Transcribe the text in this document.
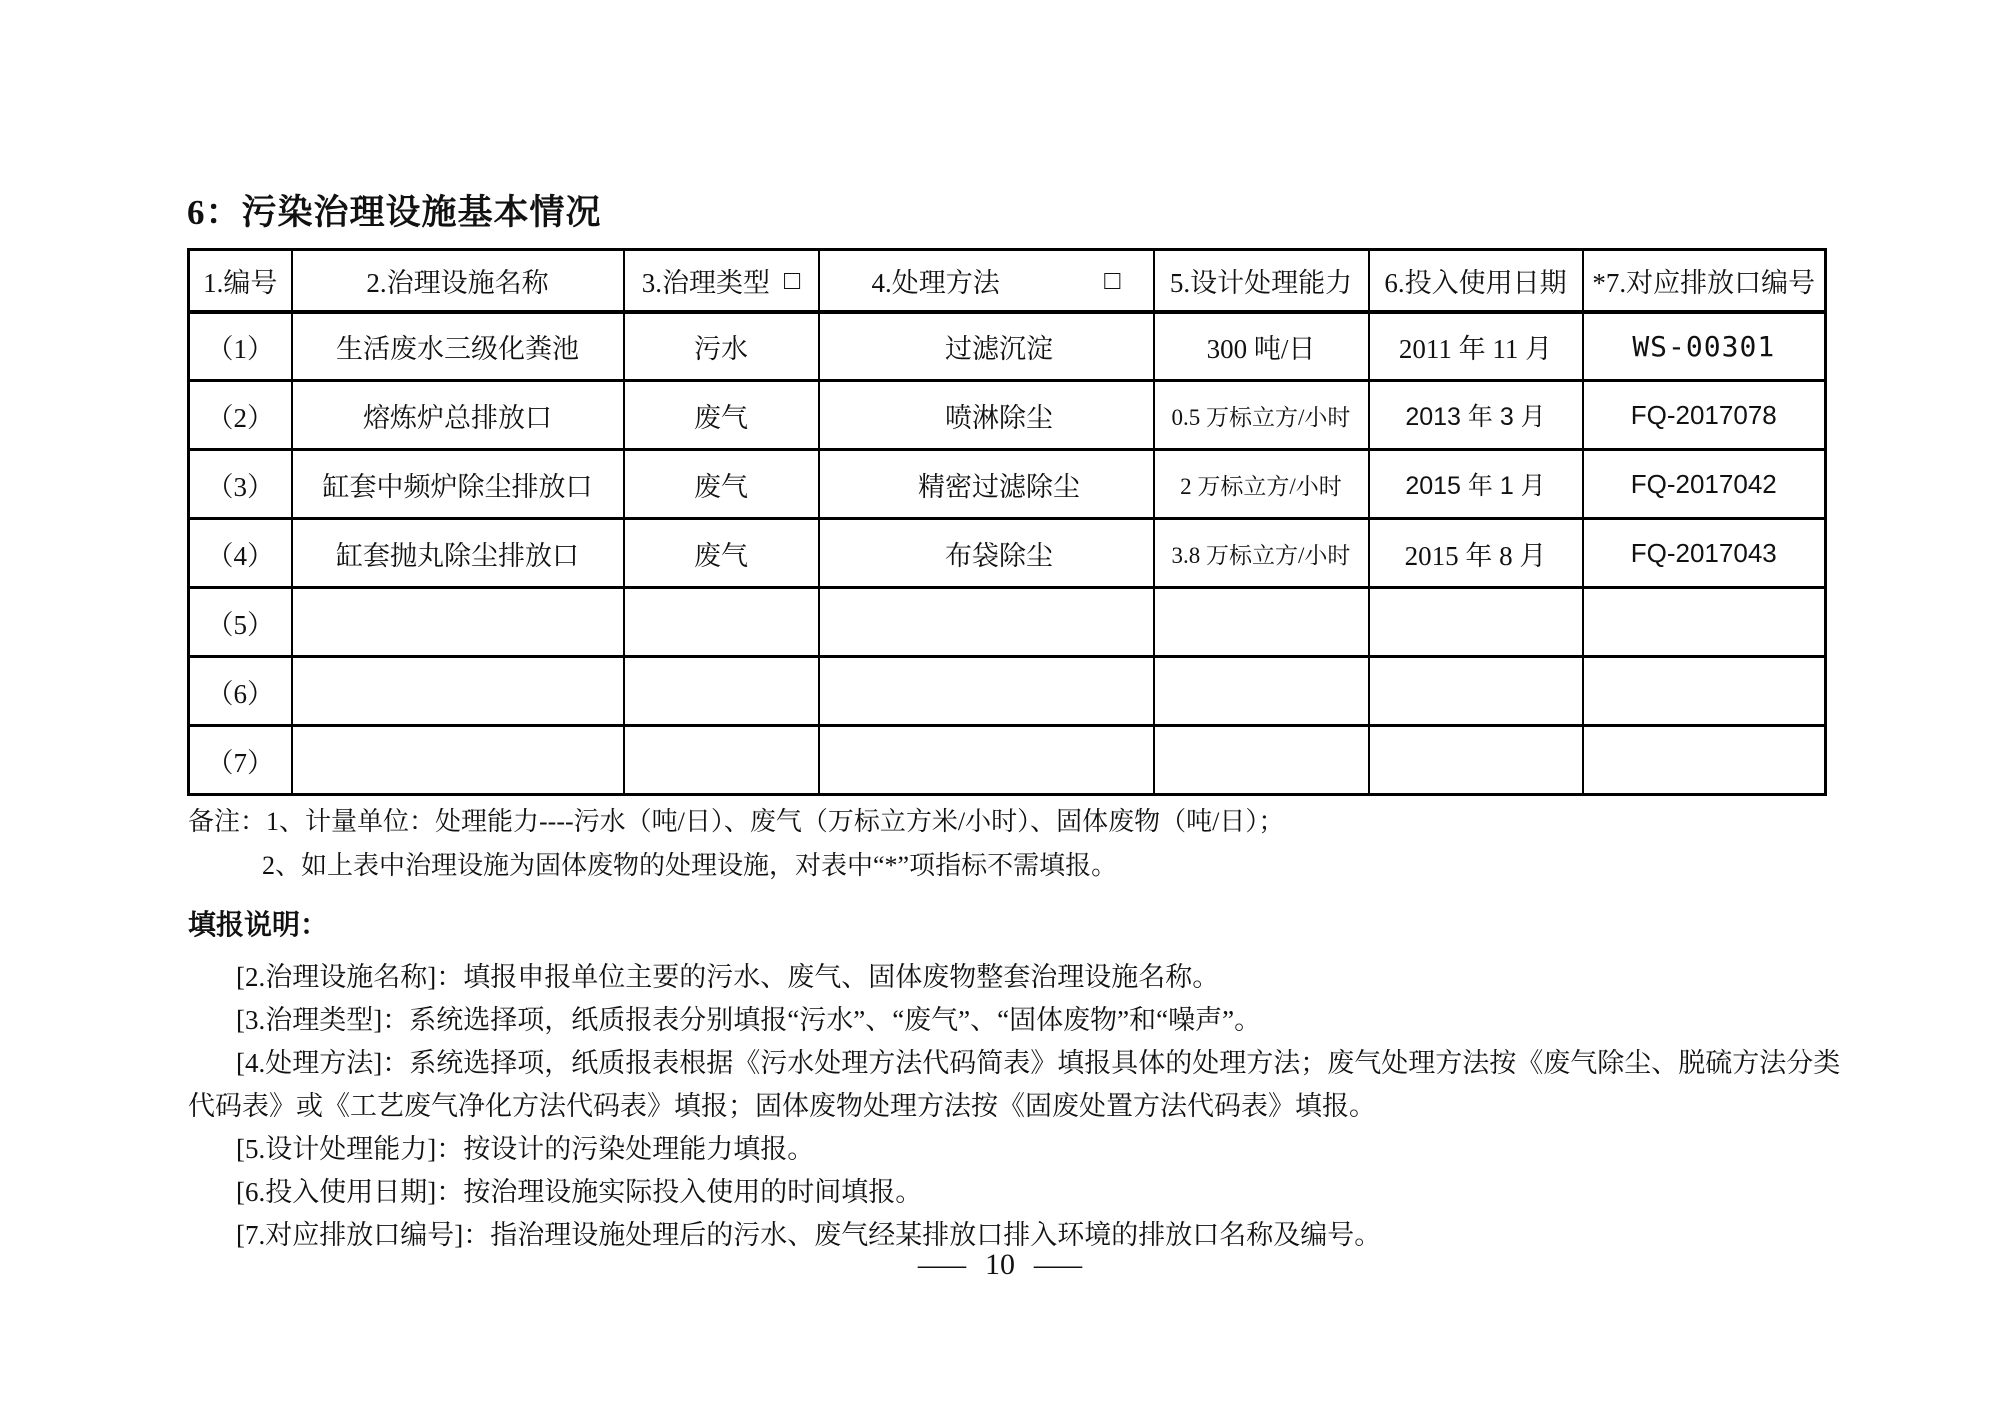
6：污染治理设施基本情况
1.编号	2.治理设施名称	3.治理类型 □	4.处理方法 □	5.设计处理能力	6.投入使用日期	*7.对应排放口编号
（1）	生活废水三级化粪池	污水	过滤沉淀	300 吨/日	2011 年 11 月	WS-00301
（2）	熔炼炉总排放口	废气	喷淋除尘	0.5 万标立方/小时	2013 年 3 月	FQ-2017078
（3）	缸套中频炉除尘排放口	废气	精密过滤除尘	2 万标立方/小时	2015 年 1 月	FQ-2017042
（4）	缸套抛丸除尘排放口	废气	布袋除尘	3.8 万标立方/小时	2015 年 8 月	FQ-2017043
（5）						
（6）						
（7）						
备注：1、计量单位：处理能力----污水（吨/日）、废气（万标立方米/小时）、固体废物（吨/日）；
2、如上表中治理设施为固体废物的处理设施，对表中“*”项指标不需填报。
填报说明：

[2.治理设施名称]：填报申报单位主要的污水、废气、固体废物整套治理设施名称。

[3.治理类型]：系统选择项，纸质报表分别填报“污水”、“废气”、“固体废物”和“噪声”。

[4.处理方法]：系统选择项，纸质报表根据《污水处理方法代码简表》填报具体的处理方法；废气处理方法按《废气除尘、脱硫方法分类代码表》或《工艺废气净化方法代码表》填报；固体废物处理方法按《固废处置方法代码表》填报。

[5.设计处理能力]：按设计的污染处理能力填报。

[6.投入使用日期]：按治理设施实际投入使用的时间填报。

[7.对应排放口编号]：指治理设施处理后的污水、废气经某排放口排入环境的排放口名称及编号。

— 10 —
